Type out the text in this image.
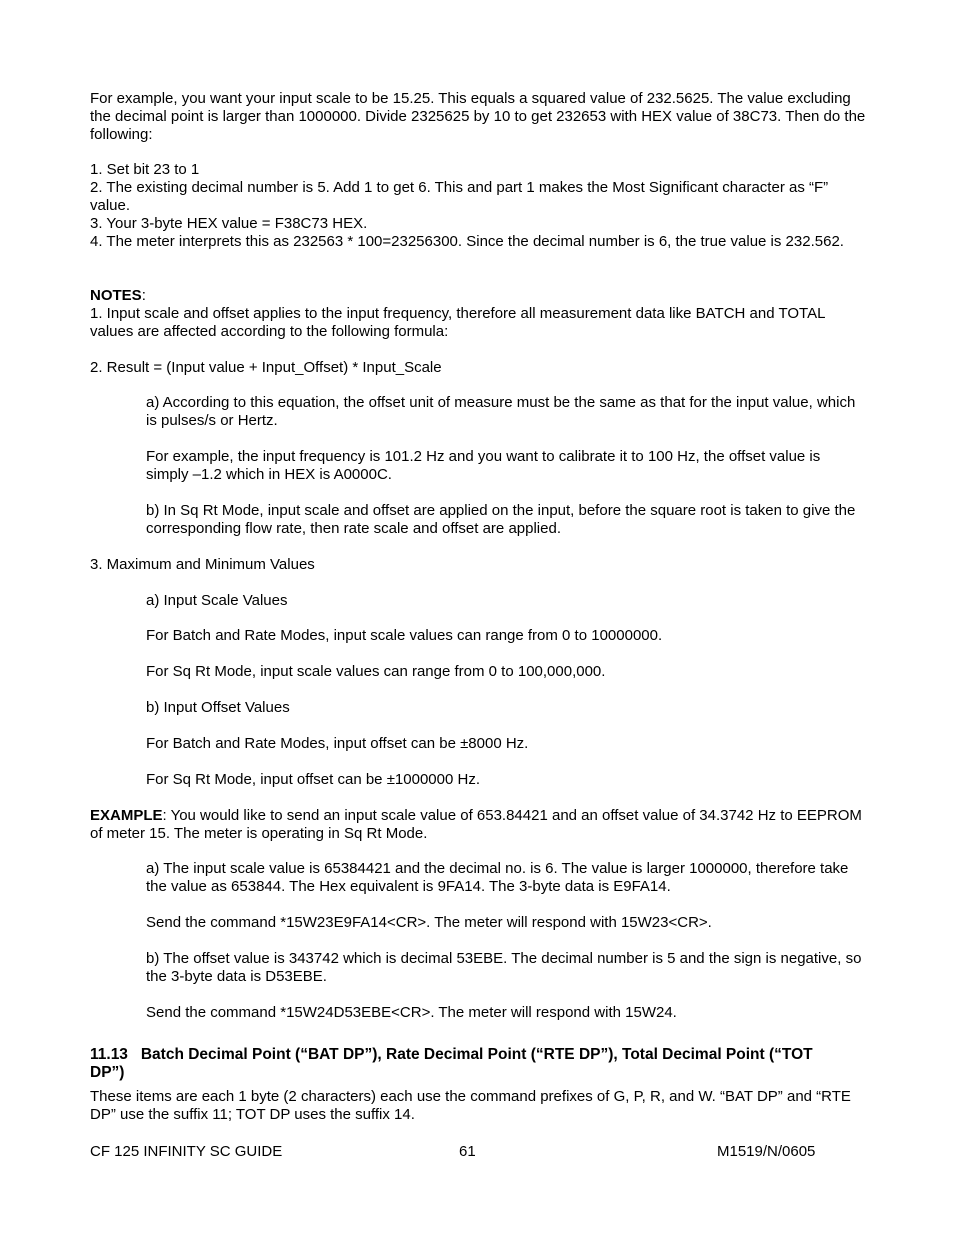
For example, you want your input scale to be 15.25. This equals a squared value of 232.5625. The value excluding the decimal point is larger than 1000000. Divide 2325625 by 10 to get 232653 with HEX value of 38C73. Then do the following:

1. Set bit 23 to 1

2. The existing decimal number is 5. Add 1 to get 6. This and part 1 makes the Most Significant character as “F” value.

3. Your 3-byte HEX value = F38C73 HEX.

4. The meter interprets this as 232563 * 100=23256300. Since the decimal number is 6, the true value is 232.562.

NOTES:

1. Input scale and offset applies to the input frequency, therefore all measurement data like BATCH and TOTAL values are affected according to the following formula:

2. Result = (Input value + Input_Offset) * Input_Scale

a) According to this equation, the offset unit of measure must be the same as that for the input value, which is pulses/s or Hertz.

For example, the input frequency is 101.2 Hz and you want to calibrate it to 100 Hz, the offset value is simply –1.2 which in HEX is A0000C.

b) In Sq Rt Mode, input scale and offset are applied on the input, before the square root is taken to give the corresponding flow rate, then rate scale and offset are applied.

3. Maximum and Minimum Values

a) Input Scale Values

For Batch and Rate Modes, input scale values can range from 0 to 10000000.

For Sq Rt Mode, input scale values can range from 0 to 100,000,000.

b) Input Offset Values

For Batch and Rate Modes, input offset can be ±8000 Hz.

For Sq Rt Mode, input offset can be ±1000000 Hz.

EXAMPLE: You would like to send an input scale value of 653.84421 and an offset value of 34.3742 Hz to EEPROM of meter 15. The meter is operating in Sq Rt Mode.

a) The input scale value is 65384421 and the decimal no. is 6. The value is larger 1000000, therefore take the value as 653844. The Hex equivalent is 9FA14. The 3-byte data is E9FA14.

Send the command *15W23E9FA14<CR>. The meter will respond with 15W23<CR>.

b) The offset value is 343742 which is decimal 53EBE. The decimal number is 5 and the sign is negative, so the 3-byte data is D53EBE.

Send the command *15W24D53EBE<CR>. The meter will respond with 15W24.

11.13 Batch Decimal Point (“BAT DP”), Rate Decimal Point (“RTE DP”), Total Decimal Point (“TOT DP”)

These items are each 1 byte (2 characters) each use the command prefixes of G, P, R, and W. “BAT DP” and “RTE DP” use the suffix 11; TOT DP uses the suffix 14.

CF 125 INFINITY SC GUIDE	61	M1519/N/0605
